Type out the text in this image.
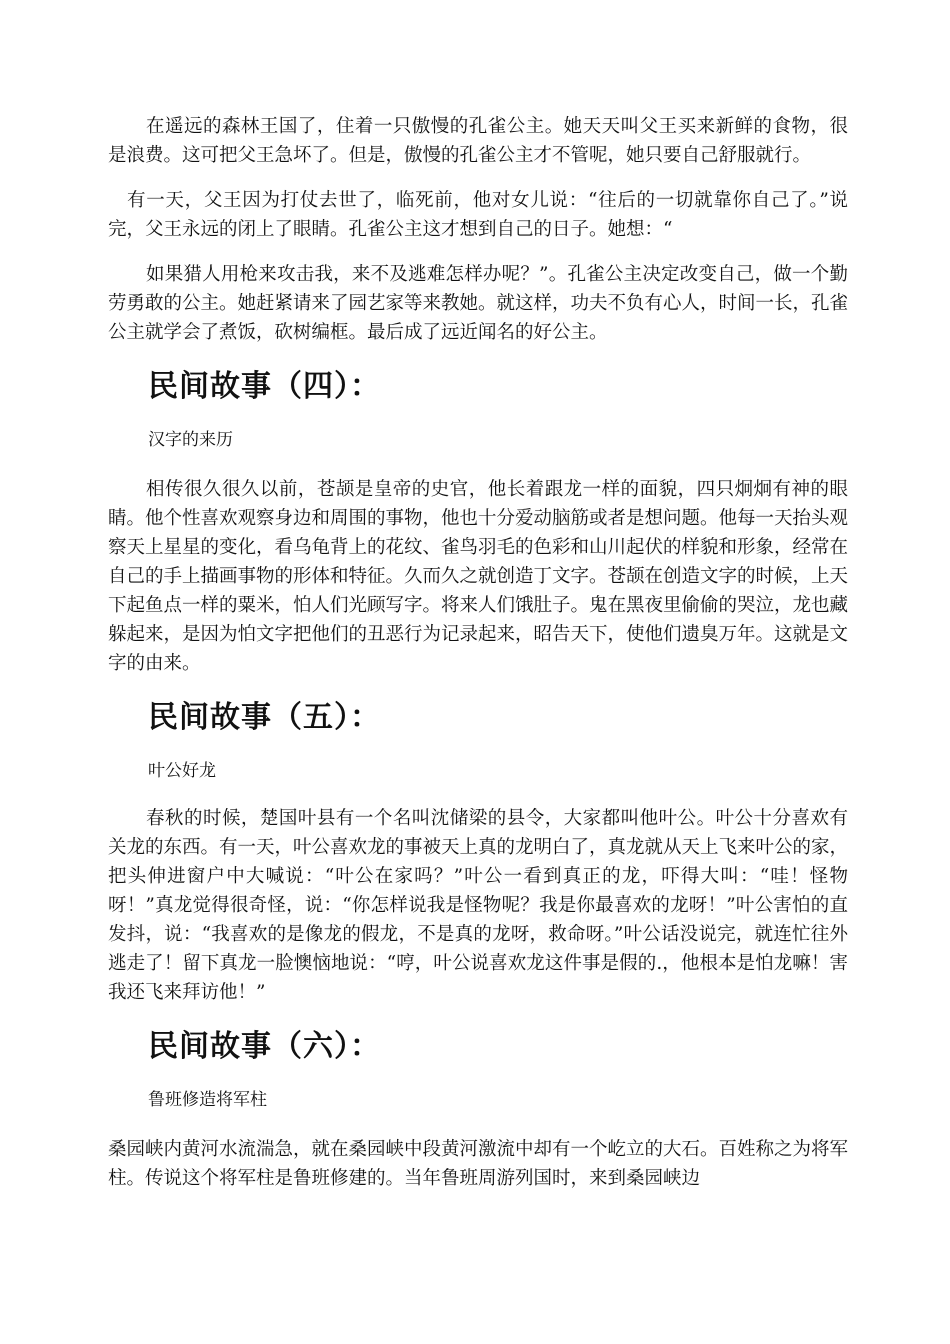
在遥远的森林王国了，住着一只傲慢的孔雀公主。她天天叫父王买来新鲜的食物，很是浪费。这可把父王急坏了。但是，傲慢的孔雀公主才不管呢，她只要自己舒服就行。

有一天，父王因为打仗去世了，临死前，他对女儿说：“往后的一切就靠你自己了。”说完，父王永远的闭上了眼睛。孔雀公主这才想到自己的日子。她想：“

如果猎人用枪来攻击我，来不及逃难怎样办呢？”。孔雀公主决定改变自己，做一个勤劳勇敢的公主。她赶紧请来了园艺家等来教她。就这样，功夫不负有心人，时间一长，孔雀公主就学会了煮饭，砍树编框。最后成了远近闻名的好公主。

民间故事（四）：

汉字的来历

相传很久很久以前，苍颉是皇帝的史官，他长着跟龙一样的面貌，四只炯炯有神的眼睛。他个性喜欢观察身边和周围的事物，他也十分爱动脑筋或者是想问题。他每一天抬头观察天上星星的变化，看乌龟背上的花纹、雀鸟羽毛的色彩和山川起伏的样貌和形象，经常在自己的手上描画事物的形体和特征。久而久之就创造丁文字。苍颉在创造文字的时候，上天下起鱼点一样的粟米，怕人们光顾写字。将来人们饿肚子。鬼在黑夜里偷偷的哭泣，龙也藏躲起来，是因为怕文字把他们的丑恶行为记录起来，昭告天下，使他们遗臭万年。这就是文字的由来。

民间故事（五）：

叶公好龙

春秋的时候，楚国叶县有一个名叫沈储梁的县令，大家都叫他叶公。叶公十分喜欢有关龙的东西。有一天，叶公喜欢龙的事被天上真的龙明白了，真龙就从天上飞来叶公的家，把头伸进窗户中大喊说：“叶公在家吗？”叶公一看到真正的龙，吓得大叫：“哇！怪物呀！”真龙觉得很奇怪，说：“你怎样说我是怪物呢？我是你最喜欢的龙呀！”叶公害怕的直发抖，说：“我喜欢的是像龙的假龙，不是真的龙呀，救命呀。”叶公话没说完，就连忙往外逃走了！留下真龙一脸懊恼地说：“哼，叶公说喜欢龙这件事是假的.，他根本是怕龙嘛！害我还飞来拜访他！”

民间故事（六）：

鲁班修造将军柱

桑园峡内黄河水流湍急，就在桑园峡中段黄河激流中却有一个屹立的大石。百姓称之为将军柱。传说这个将军柱是鲁班修建的。当年鲁班周游列国时，来到桑园峡边
